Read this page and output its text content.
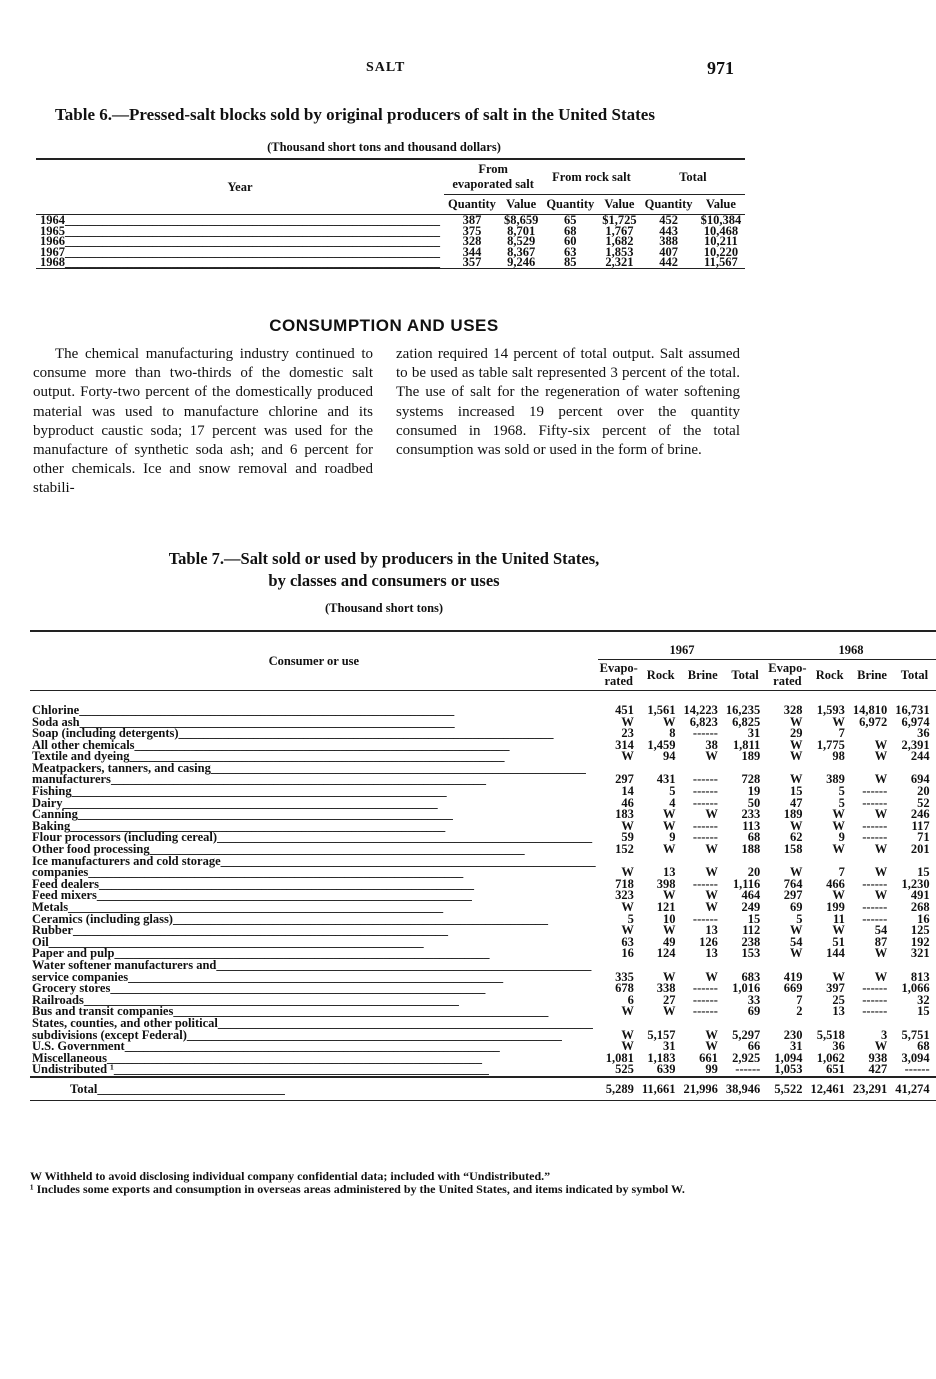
SALT	971
Table 6.—Pressed-salt blocks sold by original producers of salt in the United States
(Thousand short tons and thousand dollars)
Year	From evaporated salt		From rock salt		Total	
	Quantity	Value	Quantity	Value	Quantity	Value
1964____________________________________________________________	387	$8,659	65	$1,725	452	$10,384
1965____________________________________________________________	375	8,701	68	1,767	443	10,468
1966____________________________________________________________	328	8,529	60	1,682	388	10,211
1967____________________________________________________________	344	8,367	63	1,853	407	10,220
1968____________________________________________________________	357	9,246	85	2,321	442	11,567
CONSUMPTION AND USES
The chemical manufacturing industry continued to consume more than two-thirds of the domestic salt output. Forty-two percent of the domestically produced material was used to manufacture chlorine and its byproduct caustic soda; 17 percent was used for the manufacture of synthetic soda ash; and 6 percent for other chemicals. Ice and snow removal and roadbed stabili-
zation required 14 percent of total output. Salt assumed to be used as table salt represented 3 percent of the total. The use of salt for the regeneration of water softening systems increased 19 percent over the quantity consumed in 1968. Fifty-six percent of the total consumption was sold or used in the form of brine.
Table 7.—Salt sold or used by producers in the United States,
by classes and consumers or uses
(Thousand short tons)
Consumer or use	1967				1968			
	Evapo- rated	Rock	Brine	Total	Evapo- rated	Rock	Brine	Total
Chlorine____________________________________________________________	451	1,561	14,223	16,235	328	1,593	14,810	16,731
Soda ash____________________________________________________________	W	W	6,823	6,825	W	W	6,972	6,974
Soap (including detergents)____________________________________________________________	23	8	------	31	29	7		36
All other chemicals____________________________________________________________	314	1,459	38	1,811	W	1,775	W	2,391
Textile and dyeing____________________________________________________________	W	94	W	189	W	98	W	244
Meatpackers, tanners, and casing____________________________________________________________								
manufacturers____________________________________________________________	297	431	------	728	W	389	W	694
Fishing____________________________________________________________	14	5	------	19	15	5	------	20
Dairy____________________________________________________________	46	4	------	50	47	5	------	52
Canning____________________________________________________________	183	W	W	233	189	W	W	246
Baking____________________________________________________________	W	W	------	113	W	W	------	117
Flour processors (including cereal)____________________________________________________________	59	9	------	68	62	9	------	71
Other food processing____________________________________________________________	152	W	W	188	158	W	W	201
Ice manufacturers and cold storage____________________________________________________________								
companies____________________________________________________________	W	13	W	20	W	7	W	15
Feed dealers____________________________________________________________	718	398	------	1,116	764	466	------	1,230
Feed mixers____________________________________________________________	323	W	W	464	297	W	W	491
Metals____________________________________________________________	W	121	W	249	69	199	------	268
Ceramics (including glass)____________________________________________________________	5	10	------	15	5	11	------	16
Rubber____________________________________________________________	W	W	13	112	W	W	54	125
Oil____________________________________________________________	63	49	126	238	54	51	87	192
Paper and pulp____________________________________________________________	16	124	13	153	W	144	W	321
Water softener manufacturers and____________________________________________________________								
service companies____________________________________________________________	335	W	W	683	419	W	W	813
Grocery stores____________________________________________________________	678	338	------	1,016	669	397	------	1,066
Railroads____________________________________________________________	6	27	------	33	7	25	------	32
Bus and transit companies____________________________________________________________	W	W	------	69	2	13	------	15
States, counties, and other political____________________________________________________________								
subdivisions (except Federal)____________________________________________________________	W	5,157	W	5,297	230	5,518	3	5,751
U.S. Government____________________________________________________________	W	31	W	66	31	36	W	68
Miscellaneous____________________________________________________________	1,081	1,183	661	2,925	1,094	1,062	938	3,094
Undistributed ¹____________________________________________________________	525	639	99	------	1,053	651	427	------
Total______________________________	5,289	11,661	21,996	38,946	5,522	12,461	23,291	41,274
W Withheld to avoid disclosing individual company confidential data; included with “Undistributed.”
¹ Includes some exports and consumption in overseas areas administered by the United States, and items indicated by symbol W.
